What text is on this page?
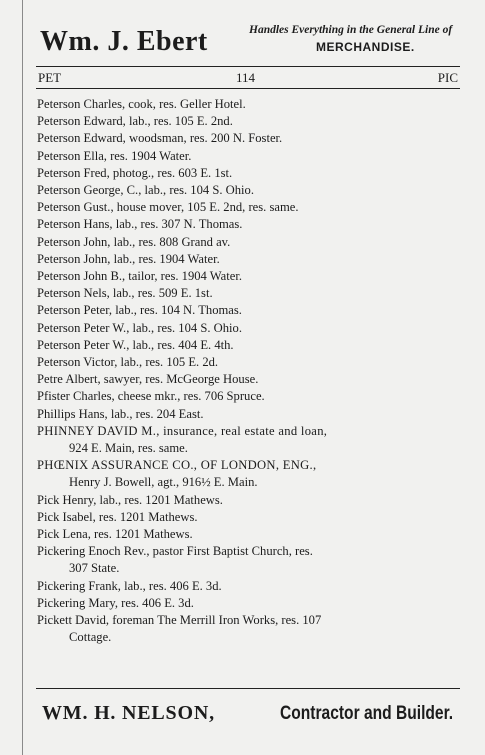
Wm. J. Ebert	Handles Everything in the General Line of
MERCHANDISE.
PET	114	PIC
Peterson Charles, cook, res. Geller Hotel.
Peterson Edward, lab., res. 105 E. 2nd.
Peterson Edward, woodsman, res. 200 N. Foster.
Peterson Ella, res. 1904 Water.
Peterson Fred, photog., res. 603 E. 1st.
Peterson George, C., lab., res. 104 S. Ohio.
Peterson Gust., house mover, 105 E. 2nd, res. same.
Peterson Hans, lab., res. 307 N. Thomas.
Peterson John, lab., res. 808 Grand av.
Peterson John, lab., res. 1904 Water.
Peterson John B., tailor, res. 1904 Water.
Peterson Nels, lab., res. 509 E. 1st.
Peterson Peter, lab., res. 104 N. Thomas.
Peterson Peter W., lab., res. 104 S. Ohio.
Peterson Peter W., lab., res. 404 E. 4th.
Peterson Victor, lab., res. 105 E. 2d.
Petre Albert, sawyer, res. McGeorge House.
Pfister Charles, cheese mkr., res. 706 Spruce.
Phillips Hans, lab., res. 204 East.
PHINNEY DAVID M., insurance, real estate and loan,
924 E. Main, res. same.
PHŒNIX ASSURANCE CO., OF LONDON, ENG.,
Henry J. Bowell, agt., 916½ E. Main.
Pick Henry, lab., res. 1201 Mathews.
Pick Isabel, res. 1201 Mathews.
Pick Lena, res. 1201 Mathews.
Pickering Enoch Rev., pastor First Baptist Church, res.
307 State.
Pickering Frank, lab., res. 406 E. 3d.
Pickering Mary, res. 406 E. 3d.
Pickett David, foreman The Merrill Iron Works, res. 107
Cottage.
WM. H. NELSON,	Contractor and Builder.
